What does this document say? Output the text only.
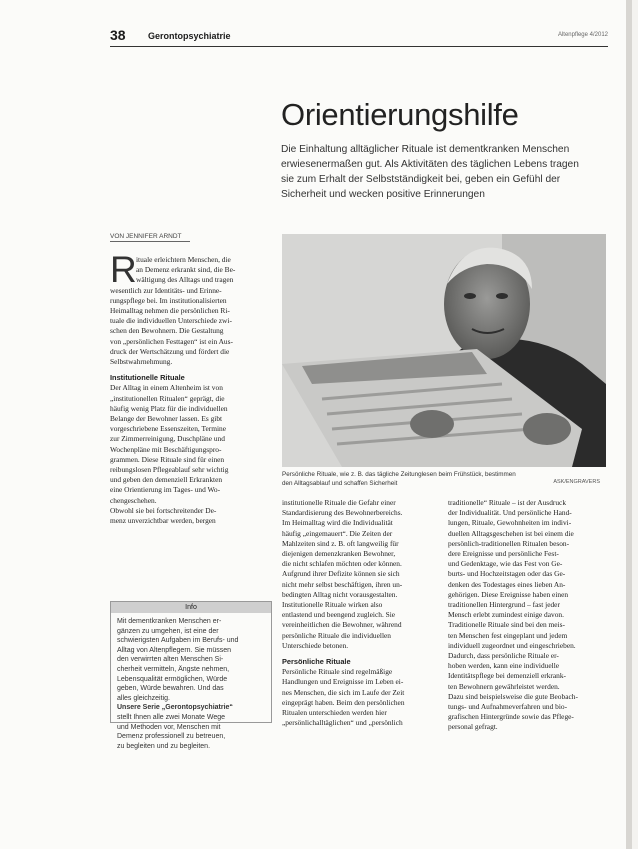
38 Gerontopsychiatrie	Altenpflege 4/2012
Orientierungshilfe
Die Einhaltung alltäglicher Rituale ist dementkranken Menschen
erwiesenermaßen gut. Als Aktivitäten des täglichen Lebens tragen
sie zum Erhalt der Selbstständigkeit bei, geben ein Gefühl der
Sicherheit und wecken positive Erinnerungen
VON JENNIFER ARNDT
R ituale erleichtern Menschen, die
an Demenz erkrankt sind, die Be-
wältigung des Alltags und tragen
wesentlich zur Identitäts- und Erinne-
rungspflege bei. Im institutionalisierten
Heimalltag nehmen die persönlichen Ri-
tuale die individuellen Unterschiede zwi-
schen den Bewohnern. Die Gestaltung
von „persönlichen Festtagen“ ist ein Aus-
druck der Wertschätzung und fördert die
Selbstwahrnehmung.
Institutionelle Rituale
Der Alltag in einem Altenheim ist von
„institutionellen Ritualen“ geprägt, die
häufig wenig Platz für die individuellen
Belange der Bewohner lassen. Es gibt
vorgeschriebene Essenszeiten, Termine
zur Zimmerreinigung, Duschpläne und
Wochenpläne mit Beschäftigungspro-
grammen. Diese Rituale sind für einen
reibungslosen Pflegeablauf sehr wichtig
und geben den demenziell Erkrankten
eine Orientierung im Tages- und Wo-
chengeschehen.
Obwohl sie bei fortschreitender De-
menz unverzichtbar werden, bergen
Persönliche Rituale, wie z. B. das tägliche Zeitunglesen beim Frühstück, bestimmen
den Alltagsablauf und schaffen Sicherheit	ASK/ENGRAVERS
institutionelle Rituale die Gefahr einer
Standardisierung des Bewohnerbereichs.
Im Heimalltag wird die Individualität
häufig „eingemauert“. Die Zeiten der
Mahlzeiten sind z. B. oft langweilig für
diejenigen demenzkranken Bewohner,
die nicht schlafen möchten oder können.
Aufgrund ihrer Defizite können sie sich
nicht mehr selbst beschäftigen, ihren un-
bedingten Alltag nicht vorausgestalten.
Institutionelle Rituale wirken also
entlastend und beengend zugleich. Sie
vereinheitlichen die Bewohner, während
persönliche Rituale die individuellen
Unterschiede betonen.
Persönliche Rituale
Persönliche Rituale sind regelmäßige
Handlungen und Ereignisse im Leben ei-
nes Menschen, die sich im Laufe der Zeit
eingeprägt haben. Beim den persönlichen
Ritualen unterschieden werden hier
„persönlichalltäglichen“ und „persönlich
traditionelle“ Rituale – ist der Ausdruck
der Individualität. Und persönliche Hand-
lungen, Rituale, Gewohnheiten im indivi-
duellen Alltagsgeschehen ist bei einem die
persönlich-traditionellen Ritualen beson-
dere Ereignisse und persönliche Fest-
und Gedenktage, wie das Fest von Ge-
burts- und Hochzeitstagen oder das Ge-
denken des Todestages eines lieben An-
gehörigen. Diese Ereignisse haben einen
traditionellen Hintergrund – fast jeder
Mensch erlebt zumindest einige davon.
Traditionelle Rituale sind bei den meis-
ten Menschen fest eingeplant und jedem
individuell zugeordnet und eingeschrieben.
Dadurch, dass persönliche Rituale er-
hoben werden, kann eine individuelle
Identitätspflege bei demenziell erkrank-
ten Bewohnern gewährleistet werden.
Dazu sind beispielsweise die gute Beobach-
tungs- und Aufnahmeverfahren und bio-
grafischen Hintergründe sowie das Pflege-
personal gefragt.
Info
Mit dementkranken Menschen er-
gänzen zu umgehen, ist eine der
schwierigsten Aufgaben im Berufs- und
Alltag von Altenpflegern. Sie müssen
den verwirrten alten Menschen Si-
cherheit vermitteln, Ängste nehmen,
Lebensqualität ermöglichen, Würde
geben, Würde bewahren. Und das
alles gleichzeitig.
Unsere Serie „Gerontopsychiatrie“
stellt Ihnen alle zwei Monate Wege
und Methoden vor, Menschen mit
Demenz professionell zu betreuen,
zu begleiten und zu begleiten.
